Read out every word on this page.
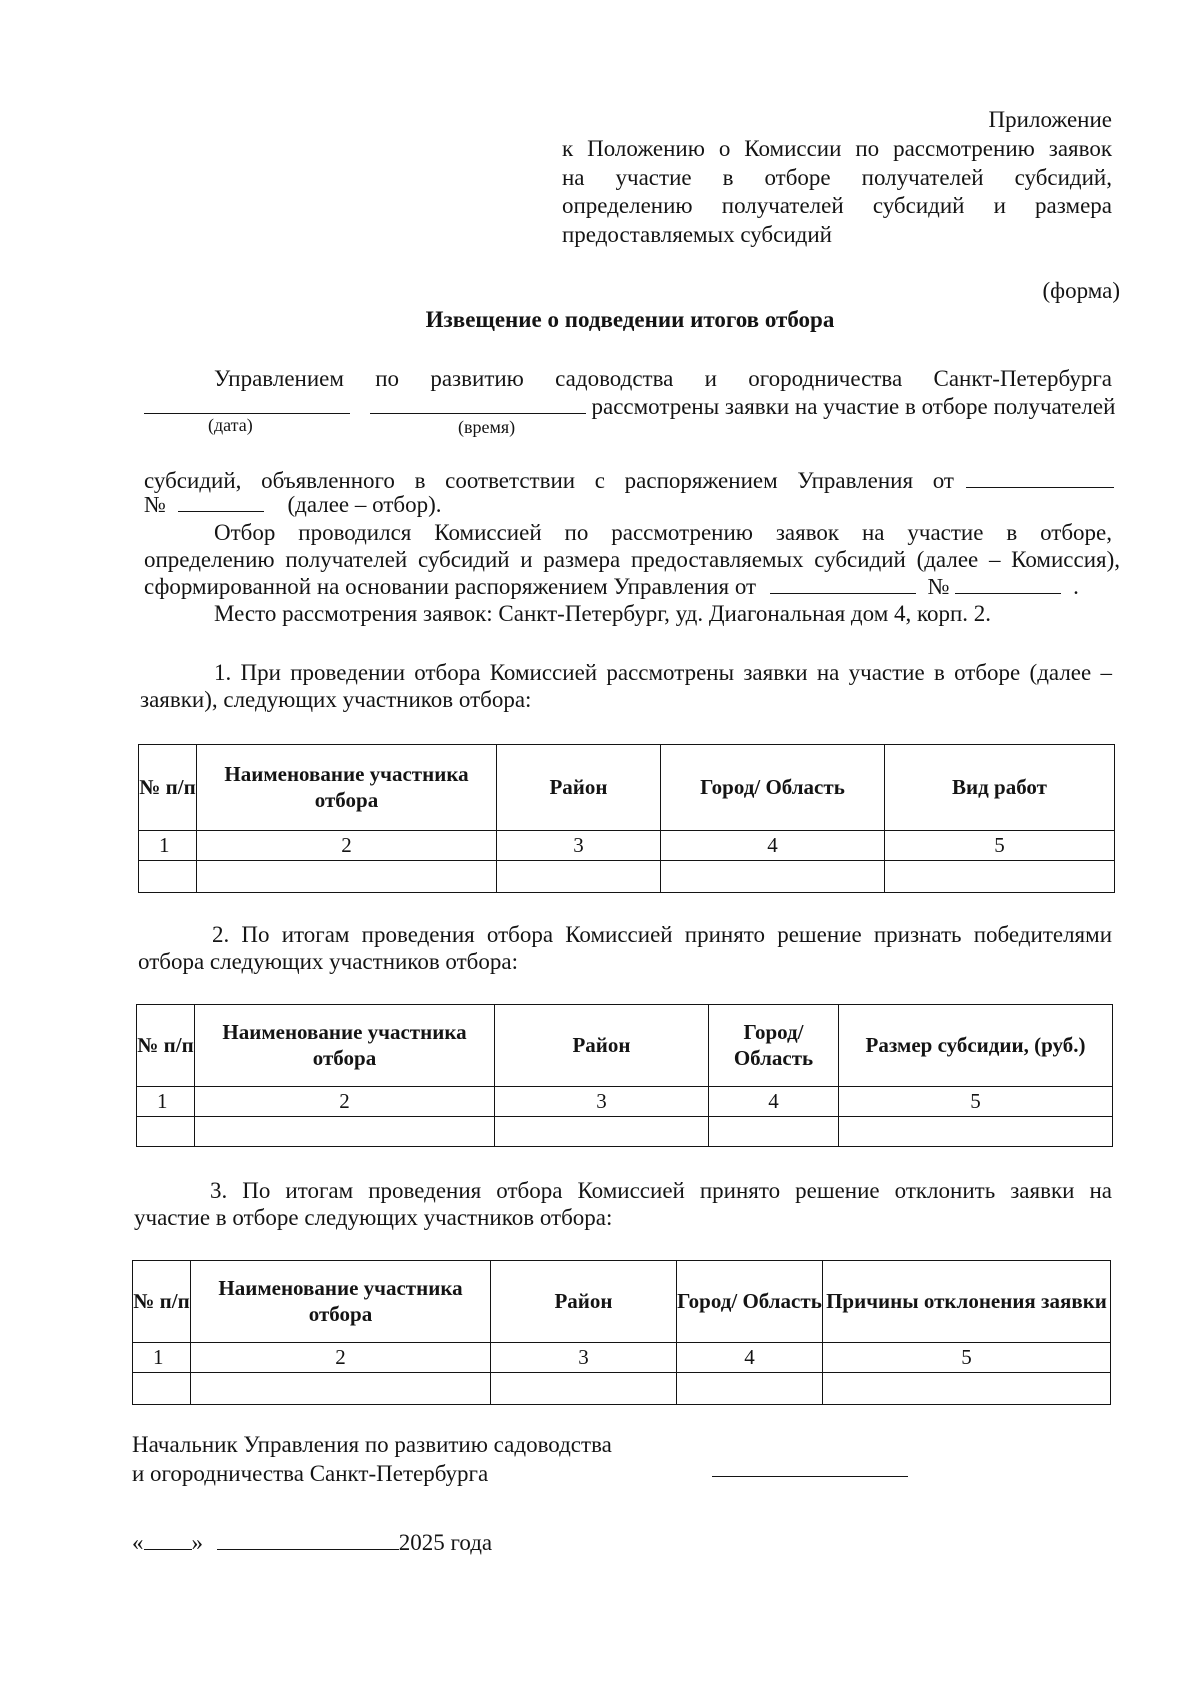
Приложение
к Положению о Комиссии по рассмотрению заявок
на участие в отборе получателей субсидий,
определению получателей субсидий и размера
предоставляемых субсидий
(форма)
Извещение о подведении итогов отбора
Управлением по развитию садоводства и огородничества Санкт-Петербурга
рассмотрены заявки на участие в отборе получателей
(дата)	(время)
субсидий, объявленного в соответствии с распоряжением Управления от
№	(далее – отбор).
Отбор проводился Комиссией по рассмотрению заявок на участие в отборе,
определению получателей субсидий и размера предоставляемых субсидий (далее – Комиссия),
сформированной на основании распоряжением Управления от	№	.
Место рассмотрения заявок: Санкт-Петербург, уд. Диагональная дом 4, корп. 2.
1. При проведении отбора Комиссией рассмотрены заявки на участие в отборе (далее –
заявки), следующих участников отбора:
№ п/п	Наименование участника отбора	Район	Город/ Область	Вид работ
1	2	3	4	5

2. По итогам проведения отбора Комиссией принято решение признать победителями
отбора следующих участников отбора:
№ п/п	Наименование участника отбора	Район	Город/ Область	Размер субсидии, (руб.)
1	2	3	4	5

3. По итогам проведения отбора Комиссией принято решение отклонить заявки на
участие в отборе следующих участников отбора:
№ п/п	Наименование участника отбора	Район	Город/ Область	Причины отклонения заявки
1	2	3	4	5

Начальник Управления по развитию садоводства
и огородничества Санкт-Петербурга
« »	2025 года
